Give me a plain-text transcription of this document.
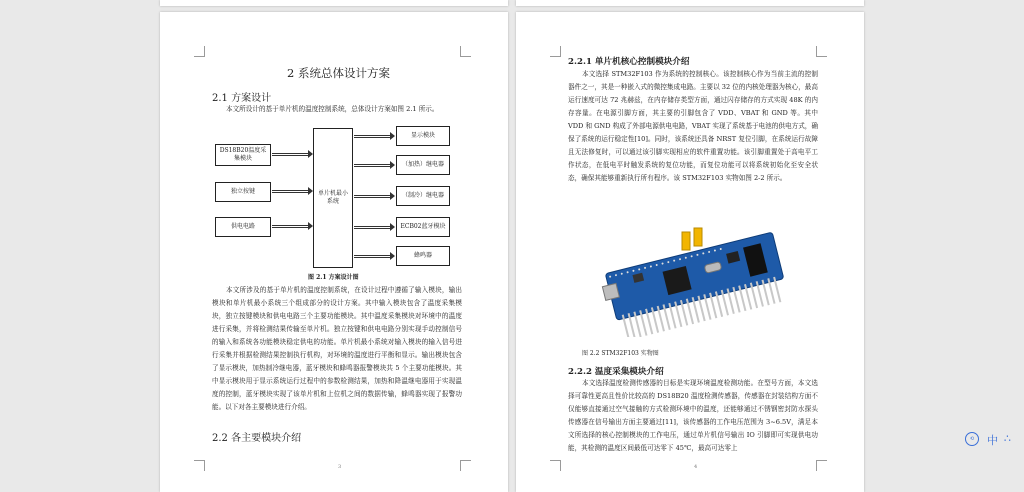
2 系统总体设计方案
2.1 方案设计
本文所设计的基于单片机的温度控制系统，总体设计方案如图 2.1 所示。
DS18B20温度采集模块
独立按键
供电电路
单片机最小系统
显示模块
（加热）继电器
（制冷）继电器
ECB02蓝牙模块
蜂鸣器
图 2.1 方案设计图
本文所涉及的基于单片机的温度控制系统，在设计过程中遵循了输入模块，输出模块和单片机最小系统三个组成部分的设计方案。其中输入模块包含了温度采集模块，独立按键模块和供电电路三个主要功能模块。其中温度采集模块对环境中的温度进行采集，并将检测结果传输至单片机。独立按键和供电电路分别实现手动控制信号的输入和系统各功能模块稳定供电的功能。单片机最小系统对输入模块的输入信号进行采集并根据检测结果控制执行机构，对环境的温度进行平衡和显示。输出模块包含了显示模块，加热制冷继电器，蓝牙模块和蜂鸣器报警模块共 5 个主要功能模块。其中显示模块用于显示系统运行过程中的参数检测结果，加热和降温继电器用于实现温度的控制，蓝牙模块实现了该单片机和上位机之间的数据传输，蜂鸣器实现了报警功能。以下对各主要模块进行介绍。
2.2 各主要模块介绍
3
2.2.1 单片机核心控制模块介绍
本文选择 STM32F103 作为系统的控制核心。该控制核心作为当前主流的控制器件之一，其是一种嵌入式的微控集成电路。主要以 32 位的内核处理器为核心，最高运行速度可达 72 兆赫兹，在内存储存类型方面，通过闪存储存的方式实现 48K 的内存容量。在电源引脚方面，其主要的引脚包含了 VDD、VBAT 和 GND 等。其中 VDD 和 GND 构成了外部电源供电电路，VBAT 实现了系统基于电池的供电方式，确保了系统的运行稳定性[10]。同时，该系统还具备 NRST 复位引脚，在系统运行故障且无法修复时，可以通过该引脚实现相应的软件重置功能。该引脚重置处于高电平工作状态，在低电平时触发系统的复位功能，而复位功能可以将系统初始化至安全状态，确保其能够重新执行所有程序。该 STM32F103 实物如图 2-2 所示。
图 2.2 STM32F103 实物图
2.2.2 温度采集模块介绍
本文选择温度检测传感器的目标是实现环境温度检测功能。在型号方面，本文选择可靠性更高且性价比较高的 DS18B20 温度检测传感器，传感器在封装结构方面不仅能够直接通过空气接触的方式检测环境中的温度，还能够通过不锈钢密封防水探头传感器在信号输出方面主要通过[11]，该传感器的工作电压范围为 3~6.5V，满足本文所选择的核心控制模块的工作电压，通过单片机信号输出 IO 引脚即可实现供电功能，其检测的温度区间最低可达零下 45℃，最高可达零上
4
⟲	中 ∴
